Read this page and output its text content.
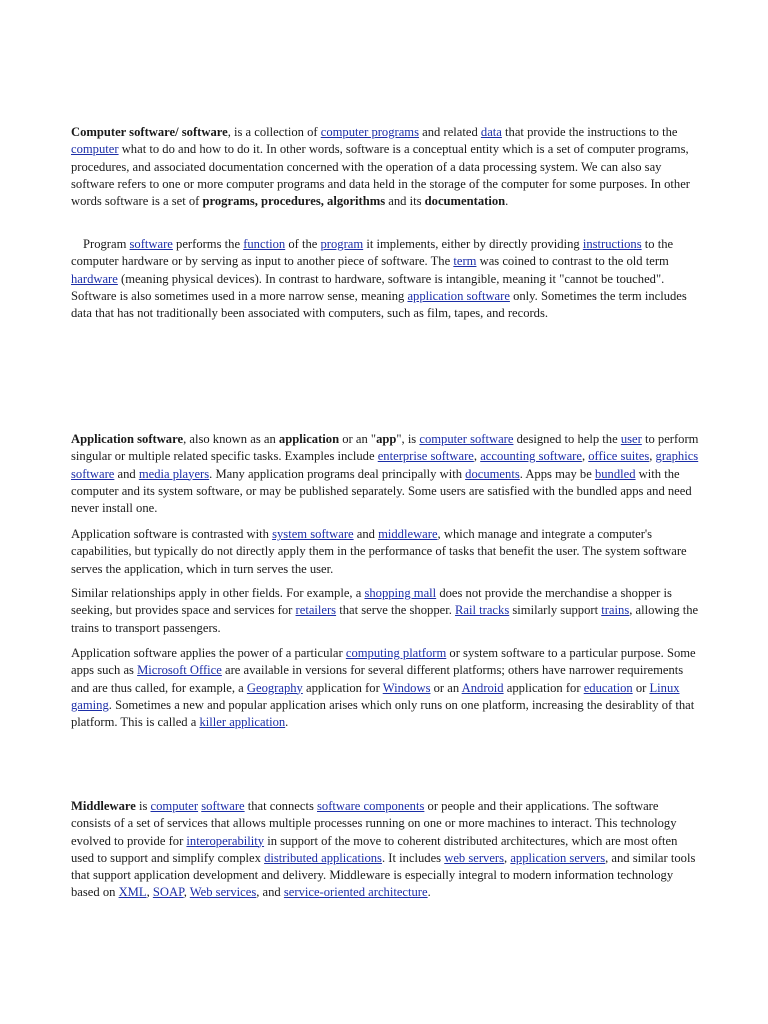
Computer software/ software, is a collection of computer programs and related data that provide the instructions to the computer what to do and how to do it. In other words, software is a conceptual entity which is a set of computer programs, procedures, and associated documentation concerned with the operation of a data processing system. We can also say software refers to one or more computer programs and data held in the storage of the computer for some purposes. In other words software is a set of programs, procedures, algorithms and its documentation.

Program software performs the function of the program it implements, either by directly providing instructions to the computer hardware or by serving as input to another piece of software. The term was coined to contrast to the old term hardware (meaning physical devices). In contrast to hardware, software is intangible, meaning it "cannot be touched". Software is also sometimes used in a more narrow sense, meaning application software only. Sometimes the term includes data that has not traditionally been associated with computers, such as film, tapes, and records.

Application software, also known as an application or an "app", is computer software designed to help the user to perform singular or multiple related specific tasks. Examples include enterprise software, accounting software, office suites, graphics software and media players. Many application programs deal principally with documents. Apps may be bundled with the computer and its system software, or may be published separately. Some users are satisfied with the bundled apps and need never install one.

Application software is contrasted with system software and middleware, which manage and integrate a computer's capabilities, but typically do not directly apply them in the performance of tasks that benefit the user. The system software serves the application, which in turn serves the user.

Similar relationships apply in other fields. For example, a shopping mall does not provide the merchandise a shopper is seeking, but provides space and services for retailers that serve the shopper. Rail tracks similarly support trains, allowing the trains to transport passengers.

Application software applies the power of a particular computing platform or system software to a particular purpose. Some apps such as Microsoft Office are available in versions for several different platforms; others have narrower requirements and are thus called, for example, a Geography application for Windows or an Android application for education or Linux gaming. Sometimes a new and popular application arises which only runs on one platform, increasing the desirablity of that platform. This is called a killer application.

Middleware is computer software that connects software components or people and their applications. The software consists of a set of services that allows multiple processes running on one or more machines to interact. This technology evolved to provide for interoperability in support of the move to coherent distributed architectures, which are most often used to support and simplify complex distributed applications. It includes web servers, application servers, and similar tools that support application development and delivery. Middleware is especially integral to modern information technology based on XML, SOAP, Web services, and service-oriented architecture.
